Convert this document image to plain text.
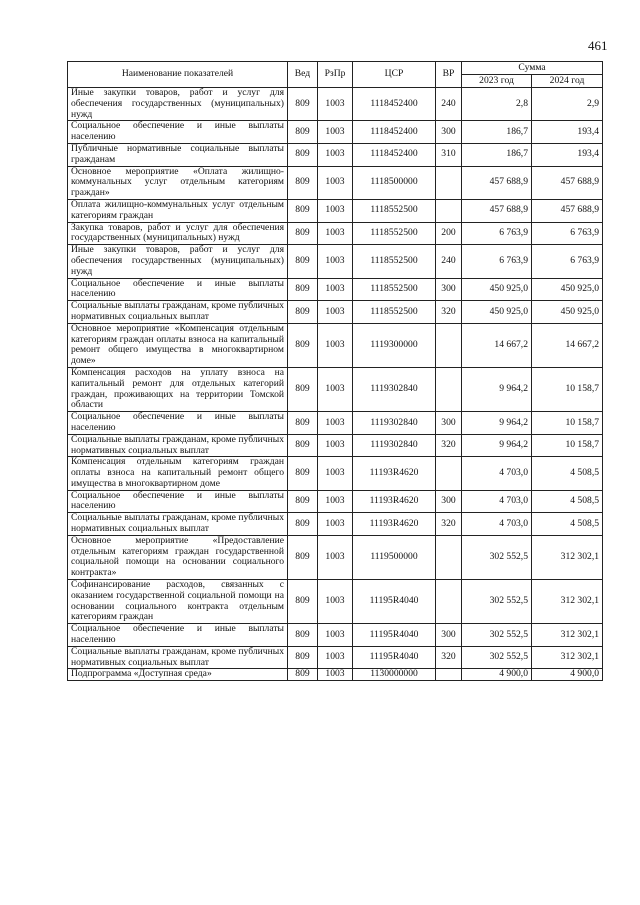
461
Наименование показателей	Вед	РзПр	ЦСР	ВР	Сумма	
					2023 год	2024 год
Иные закупки товаров, работ и услуг для обеспечения государственных (муниципальных) нужд	809	1003	1118452400	240	2,8	2,9
Социальное обеспечение и иные выплаты населению	809	1003	1118452400	300	186,7	193,4
Публичные нормативные социальные выплаты гражданам	809	1003	1118452400	310	186,7	193,4
Основное мероприятие «Оплата жилищно-коммунальных услуг отдельным категориям граждан»	809	1003	1118500000		457 688,9	457 688,9
Оплата жилищно-коммунальных услуг отдельным категориям граждан	809	1003	1118552500		457 688,9	457 688,9
Закупка товаров, работ и услуг для обеспечения государственных (муниципальных) нужд	809	1003	1118552500	200	6 763,9	6 763,9
Иные закупки товаров, работ и услуг для обеспечения государственных (муниципальных) нужд	809	1003	1118552500	240	6 763,9	6 763,9
Социальное обеспечение и иные выплаты населению	809	1003	1118552500	300	450 925,0	450 925,0
Социальные выплаты гражданам, кроме публичных нормативных социальных выплат	809	1003	1118552500	320	450 925,0	450 925,0
Основное мероприятие «Компенсация отдельным категориям граждан оплаты взноса на капитальный ремонт общего имущества в многоквартирном доме»	809	1003	1119300000		14 667,2	14 667,2
Компенсация расходов на уплату взноса на капитальный ремонт для отдельных категорий граждан, проживающих на территории Томской области	809	1003	1119302840		9 964,2	10 158,7
Социальное обеспечение и иные выплаты населению	809	1003	1119302840	300	9 964,2	10 158,7
Социальные выплаты гражданам, кроме публичных нормативных социальных выплат	809	1003	1119302840	320	9 964,2	10 158,7
Компенсация отдельным категориям граждан оплаты взноса на капитальный ремонт общего имущества в многоквартирном доме	809	1003	11193R4620		4 703,0	4 508,5
Социальное обеспечение и иные выплаты населению	809	1003	11193R4620	300	4 703,0	4 508,5
Социальные выплаты гражданам, кроме публичных нормативных социальных выплат	809	1003	11193R4620	320	4 703,0	4 508,5
Основное мероприятие «Предоставление отдельным категориям граждан государственной социальной помощи на основании социального контракта»	809	1003	1119500000		302 552,5	312 302,1
Софинансирование расходов, связанных с оказанием государственной социальной помощи на основании социального контракта отдельным категориям граждан	809	1003	11195R4040		302 552,5	312 302,1
Социальное обеспечение и иные выплаты населению	809	1003	11195R4040	300	302 552,5	312 302,1
Социальные выплаты гражданам, кроме публичных нормативных социальных выплат	809	1003	11195R4040	320	302 552,5	312 302,1
Подпрограмма «Доступная среда»	809	1003	1130000000		4 900,0	4 900,0
